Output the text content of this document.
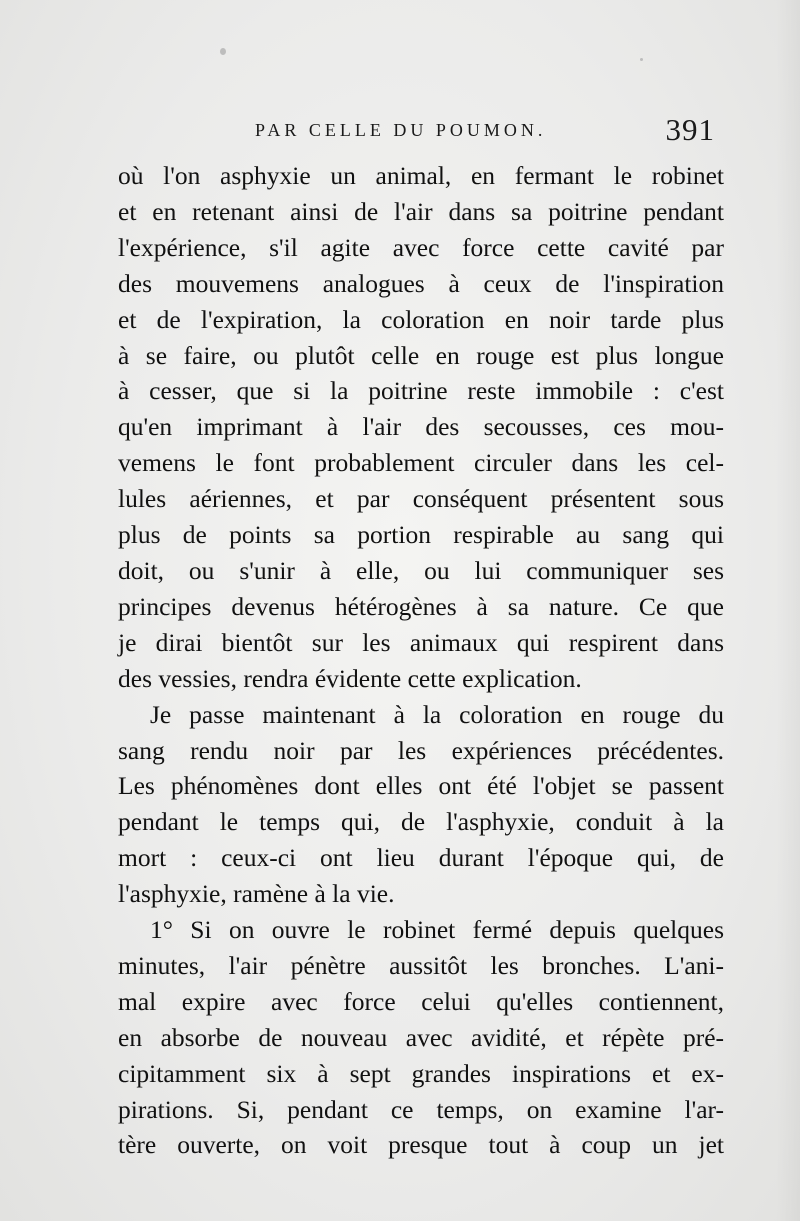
PAR CELLE DU POUMON.	391
où l'on asphyxie un animal, en fermant le robinet
et en retenant ainsi de l'air dans sa poitrine pendant
l'expérience, s'il agite avec force cette cavité par
des mouvemens analogues à ceux de l'inspiration
et de l'expiration, la coloration en noir tarde plus
à se faire, ou plutôt celle en rouge est plus longue
à cesser, que si la poitrine reste immobile : c'est
qu'en imprimant à l'air des secousses, ces mou-
vemens le font probablement circuler dans les cel-
lules aériennes, et par conséquent présentent sous
plus de points sa portion respirable au sang qui
doit, ou s'unir à elle, ou lui communiquer ses
principes devenus hétérogènes à sa nature. Ce que
je dirai bientôt sur les animaux qui respirent dans
des vessies, rendra évidente cette explication.
Je passe maintenant à la coloration en rouge du
sang rendu noir par les expériences précédentes.
Les phénomènes dont elles ont été l'objet se passent
pendant le temps qui, de l'asphyxie, conduit à la
mort : ceux-ci ont lieu durant l'époque qui, de
l'asphyxie, ramène à la vie.
1° Si on ouvre le robinet fermé depuis quelques
minutes, l'air pénètre aussitôt les bronches. L'ani-
mal expire avec force celui qu'elles contiennent,
en absorbe de nouveau avec avidité, et répète pré-
cipitamment six à sept grandes inspirations et ex-
pirations. Si, pendant ce temps, on examine l'ar-
tère ouverte, on voit presque tout à coup un jet
